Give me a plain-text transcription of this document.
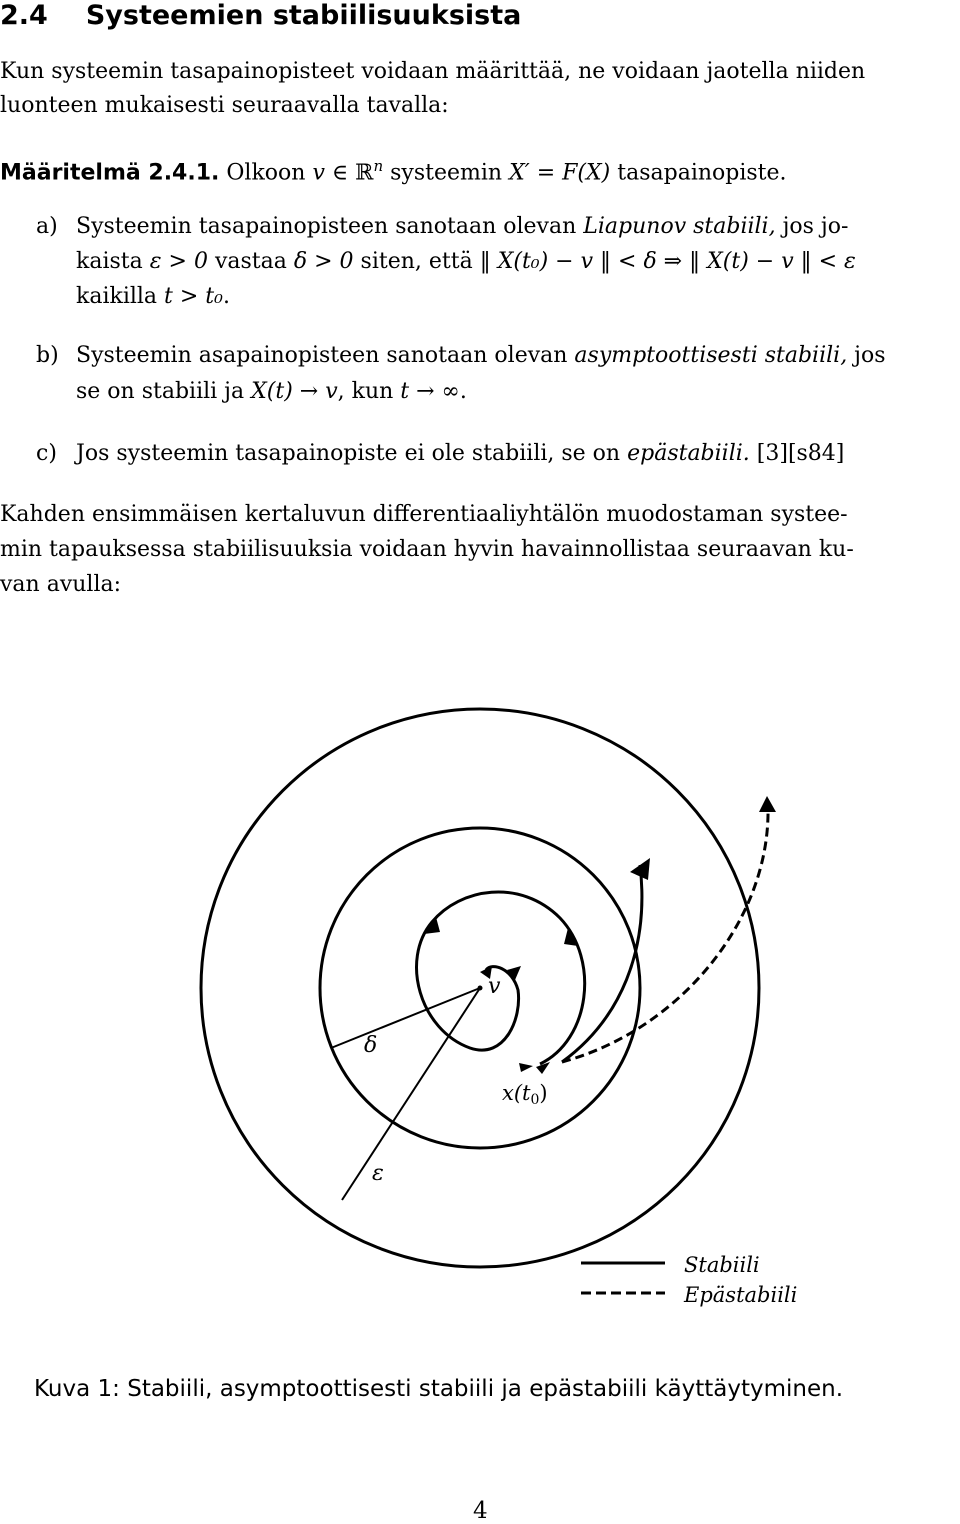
2.4 Systeemien stabiilisuuksista
Kun systeemin tasapainopisteet voidaan määrittää, ne voidaan jaotella niiden
luonteen mukaisesti seuraavalla tavalla:
Määritelmä 2.4.1. Olkoon v ∈ ℝ$^n$ systeemin X′ = F(X) tasapainopiste.
a) Systeemin tasapainopisteen sanotaan olevan Liapunov stabiili, jos jo-
kaista ε > 0 vastaa δ > 0 siten, että ‖ X(t₀) − v ‖ < δ ⇒ ‖ X(t) − v ‖ < ε
kaikilla t > t₀.
b) Systeemin asapainopisteen sanotaan olevan asymptoottisesti stabiili, jos
se on stabiili ja X(t) → v, kun t → ∞.
c) Jos systeemin tasapainopiste ei ole stabiili, se on epästabiili. [3][s84]
Kahden ensimmäisen kertaluvun differentiaaliyhtälön muodostaman systee-
min tapauksessa stabiilisuuksia voidaan hyvin havainnollistaa seuraavan ku-
van avulla:
v
δ
ε
x(t0)
Stabiili
Epästabiili
Kuva 1: Stabiili, asymptoottisesti stabiili ja epästabiili käyttäytyminen.
4
